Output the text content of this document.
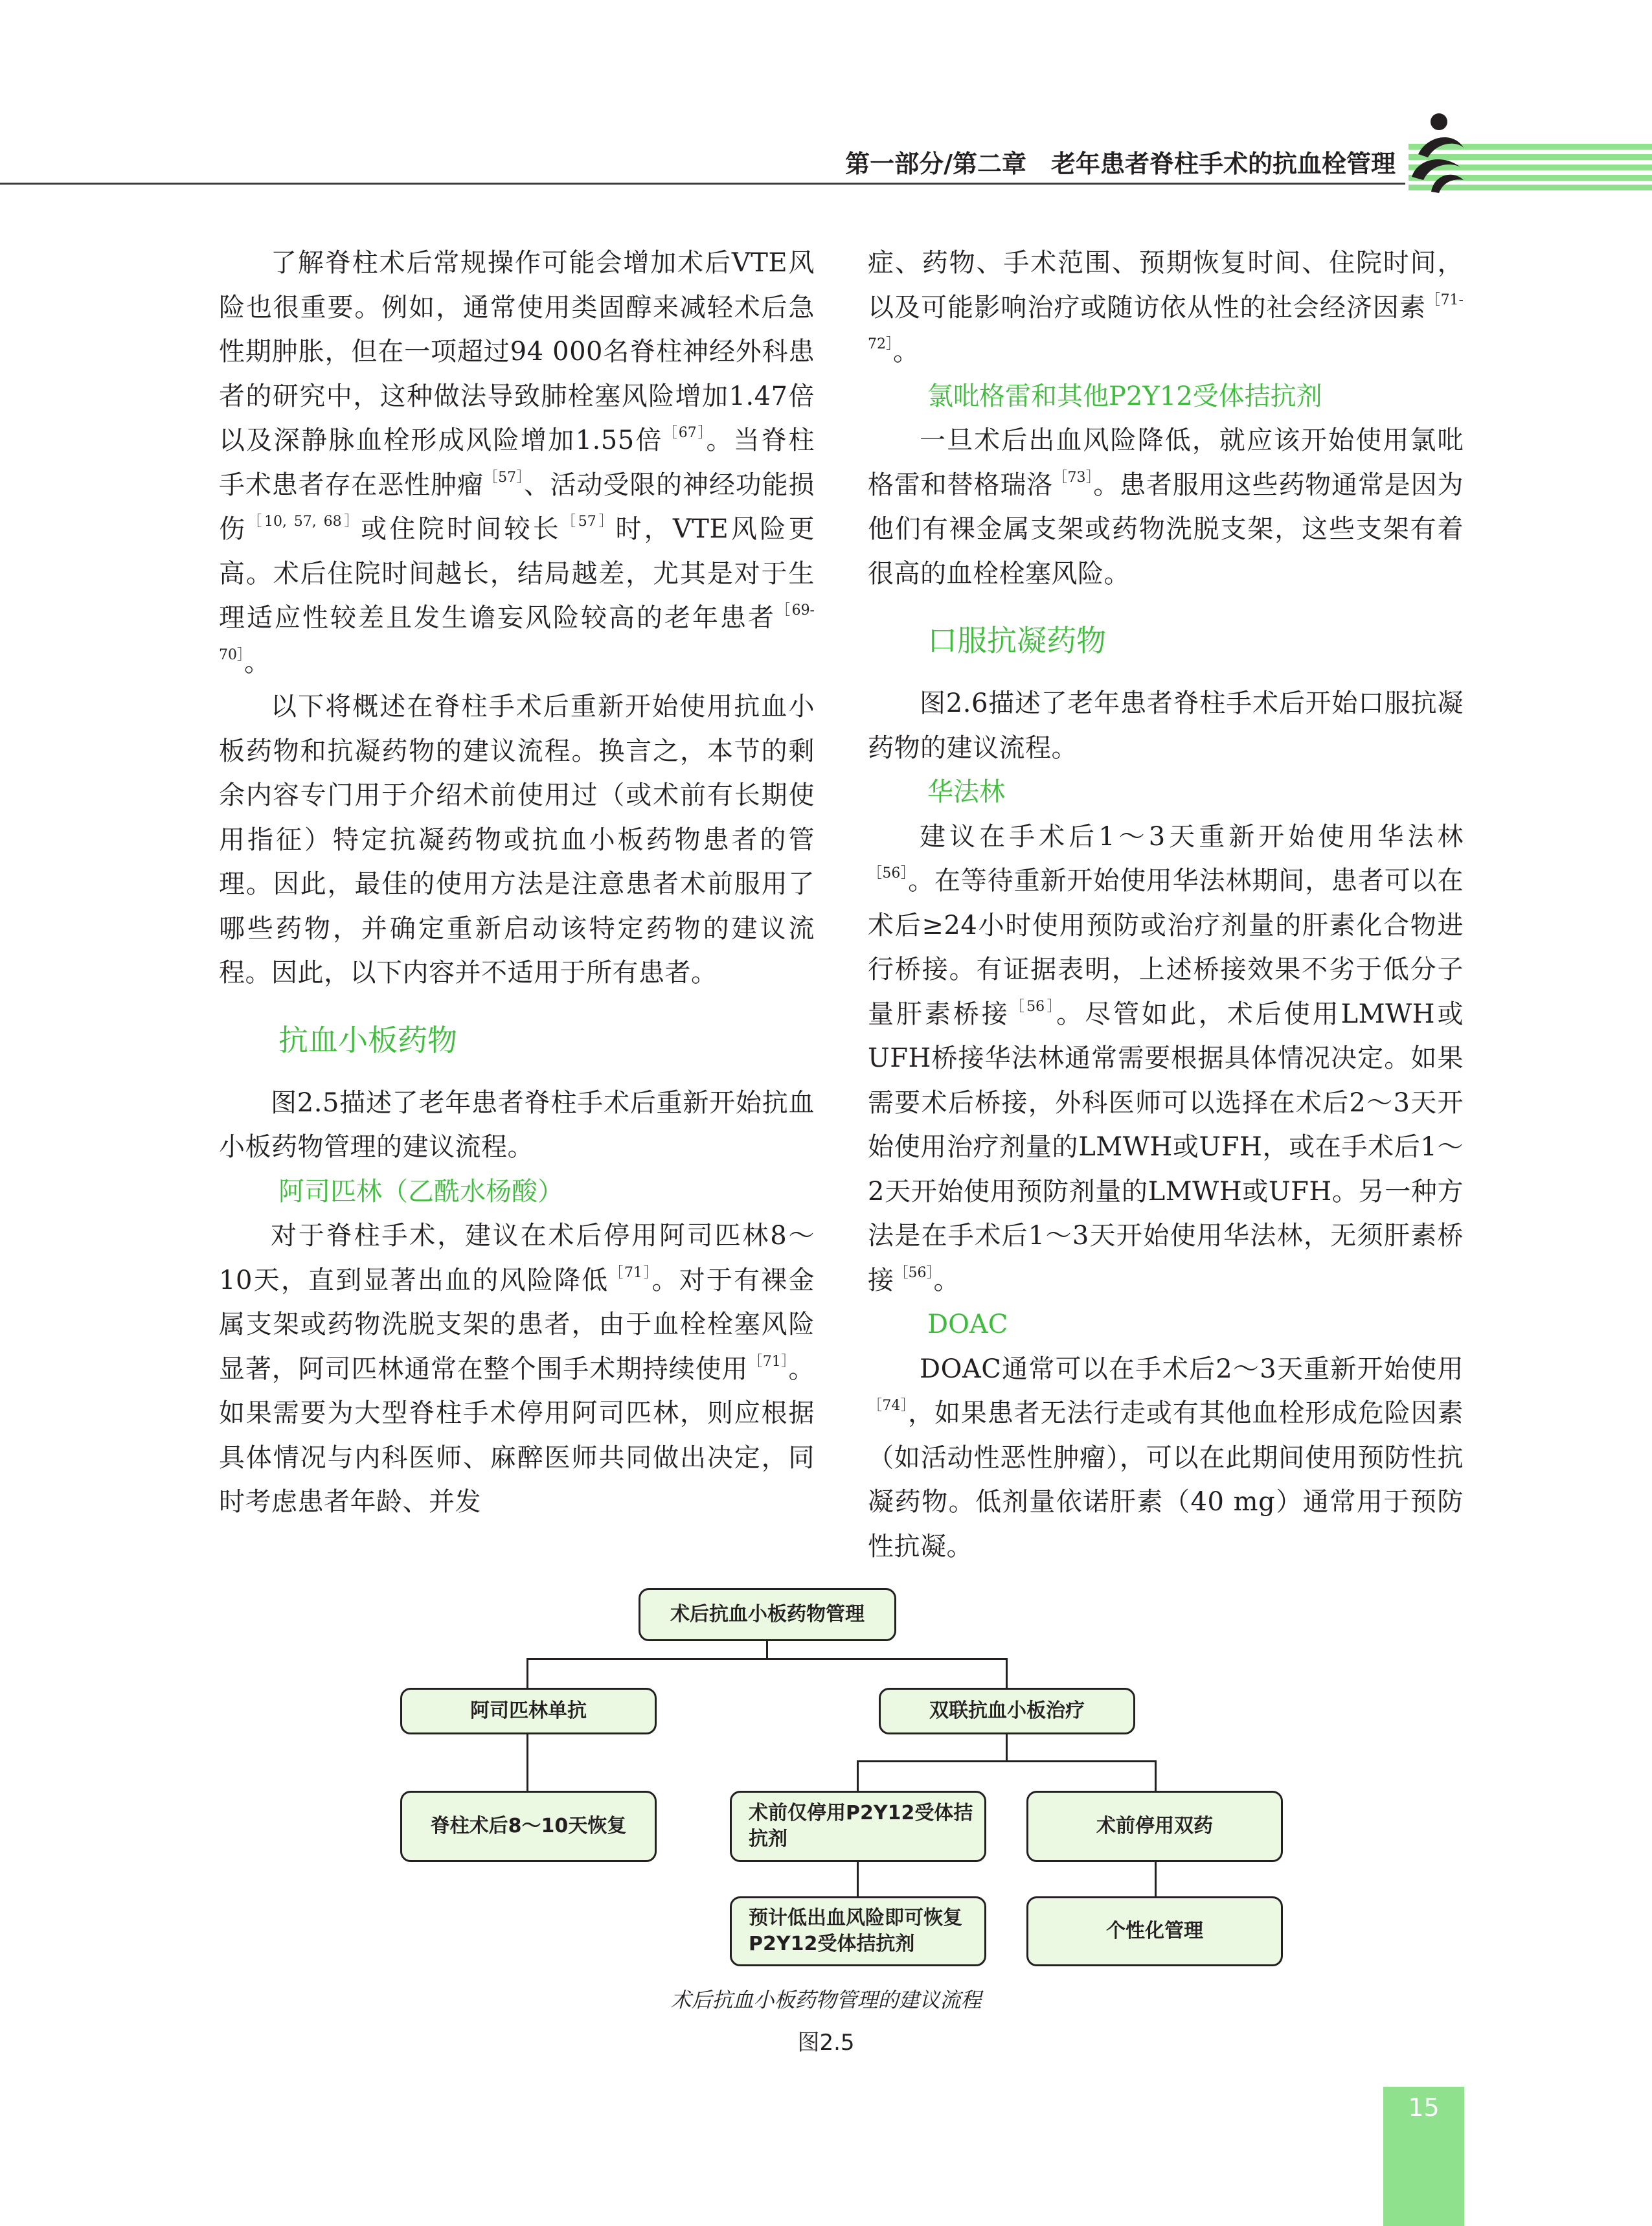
第一部分/第二章　老年患者脊柱手术的抗血栓管理

了解脊柱术后常规操作可能会增加术后VTE风险也很重要。例如，通常使用类固醇来减轻术后急性期肿胀，但在一项超过94 000名脊柱神经外科患者的研究中，这种做法导致肺栓塞风险增加1.47倍以及深静脉血栓形成风险增加1.55倍$^{[67]}$。当脊柱手术患者存在恶性肿瘤$^{[57]}$、活动受限的神经功能损伤$^{[10, 57, 68]}$或住院时间较长$^{[57]}$时，VTE风险更高。术后住院时间越长，结局越差，尤其是对于生理适应性较差且发生谵妄风险较高的老年患者$^{[69-70]}$。

以下将概述在脊柱手术后重新开始使用抗血小板药物和抗凝药物的建议流程。换言之，本节的剩余内容专门用于介绍术前使用过（或术前有长期使用指征）特定抗凝药物或抗血小板药物患者的管理。因此，最佳的使用方法是注意患者术前服用了哪些药物，并确定重新启动该特定药物的建议流程。因此，以下内容并不适用于所有患者。

抗血小板药物

图2.5描述了老年患者脊柱手术后重新开始抗血小板药物管理的建议流程。

阿司匹林（乙酰水杨酸）

对于脊柱手术，建议在术后停用阿司匹林8～10天，直到显著出血的风险降低$^{[71]}$。对于有裸金属支架或药物洗脱支架的患者，由于血栓栓塞风险显著，阿司匹林通常在整个围手术期持续使用$^{[71]}$。如果需要为大型脊柱手术停用阿司匹林，则应根据具体情况与内科医师、麻醉医师共同做出决定，同时考虑患者年龄、并发

症、药物、手术范围、预期恢复时间、住院时间，以及可能影响治疗或随访依从性的社会经济因素$^{[71-72]}$。

氯吡格雷和其他P2Y12受体拮抗剂

一旦术后出血风险降低，就应该开始使用氯吡格雷和替格瑞洛$^{[73]}$。患者服用这些药物通常是因为他们有裸金属支架或药物洗脱支架，这些支架有着很高的血栓栓塞风险。

口服抗凝药物

图2.6描述了老年患者脊柱手术后开始口服抗凝药物的建议流程。

华法林

建议在手术后1～3天重新开始使用华法林$^{[56]}$。在等待重新开始使用华法林期间，患者可以在术后≥24小时使用预防或治疗剂量的肝素化合物进行桥接。有证据表明，上述桥接效果不劣于低分子量肝素桥接$^{[56]}$。尽管如此，术后使用LMWH或UFH桥接华法林通常需要根据具体情况决定。如果需要术后桥接，外科医师可以选择在术后2～3天开始使用治疗剂量的LMWH或UFH，或在手术后1～2天开始使用预防剂量的LMWH或UFH。另一种方法是在手术后1～3天开始使用华法林，无须肝素桥接$^{[56]}$。

DOAC

DOAC通常可以在手术后2～3天重新开始使用$^{[74]}$，如果患者无法行走或有其他血栓形成危险因素（如活动性恶性肿瘤），可以在此期间使用预防性抗凝药物。低剂量依诺肝素（40 mg）通常用于预防性抗凝。

术后抗血小板药物管理
阿司匹林单抗	双联抗血小板治疗
脊柱术后8～10天恢复
术前仅停用P2Y12受体拮抗剂
术前停用双药
预计低出血风险即可恢复P2Y12受体拮抗剂
个性化管理
术后抗血小板药物管理的建议流程
图2.5
15
